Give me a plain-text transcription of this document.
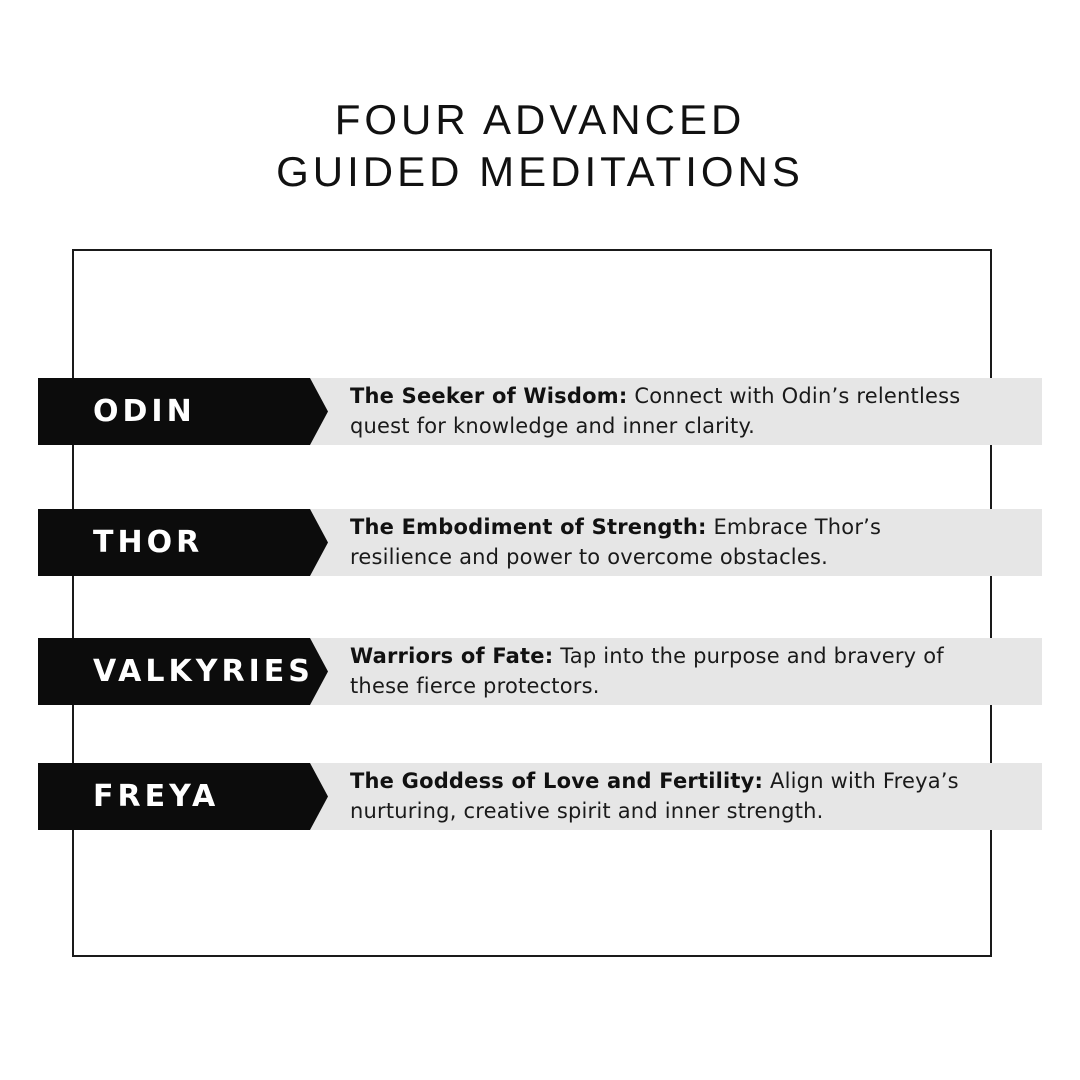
FOUR ADVANCED
GUIDED MEDITATIONS
ODIN	The Seeker of Wisdom: Connect with Odin’s relentless quest for knowledge and inner clarity.
THOR	The Embodiment of Strength: Embrace Thor’s resilience and power to overcome obstacles.
VALKYRIES Warriors of Fate: Tap into the purpose and bravery of these fierce protectors.
FREYA	The Goddess of Love and Fertility: Align with Freya’s nurturing, creative spirit and inner strength.
